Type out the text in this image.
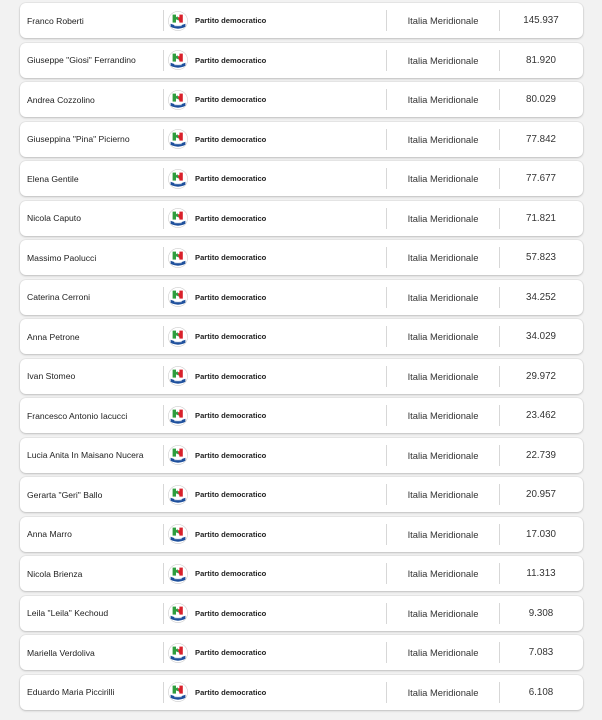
Franco Roberti	Partito democratico	Italia Meridionale	145.937
Giuseppe "Giosi" Ferrandino	Partito democratico	Italia Meridionale	81.920
Andrea Cozzolino	Partito democratico	Italia Meridionale	80.029
Giuseppina "Pina" Picierno	Partito democratico	Italia Meridionale	77.842
Elena Gentile	Partito democratico	Italia Meridionale	77.677
Nicola Caputo	Partito democratico	Italia Meridionale	71.821
Massimo Paolucci	Partito democratico	Italia Meridionale	57.823
Caterina Cerroni	Partito democratico	Italia Meridionale	34.252
Anna Petrone	Partito democratico	Italia Meridionale	34.029
Ivan Stomeo	Partito democratico	Italia Meridionale	29.972
Francesco Antonio Iacucci	Partito democratico	Italia Meridionale	23.462
Lucia Anita In Maisano Nucera	Partito democratico	Italia Meridionale	22.739
Gerarta "Geri" Ballo	Partito democratico	Italia Meridionale	20.957
Anna Marro	Partito democratico	Italia Meridionale	17.030
Nicola Brienza	Partito democratico	Italia Meridionale	11.313
Leila "Leila" Kechoud	Partito democratico	Italia Meridionale	9.308
Mariella Verdoliva	Partito democratico	Italia Meridionale	7.083
Eduardo Maria Piccirilli	Partito democratico	Italia Meridionale	6.108
